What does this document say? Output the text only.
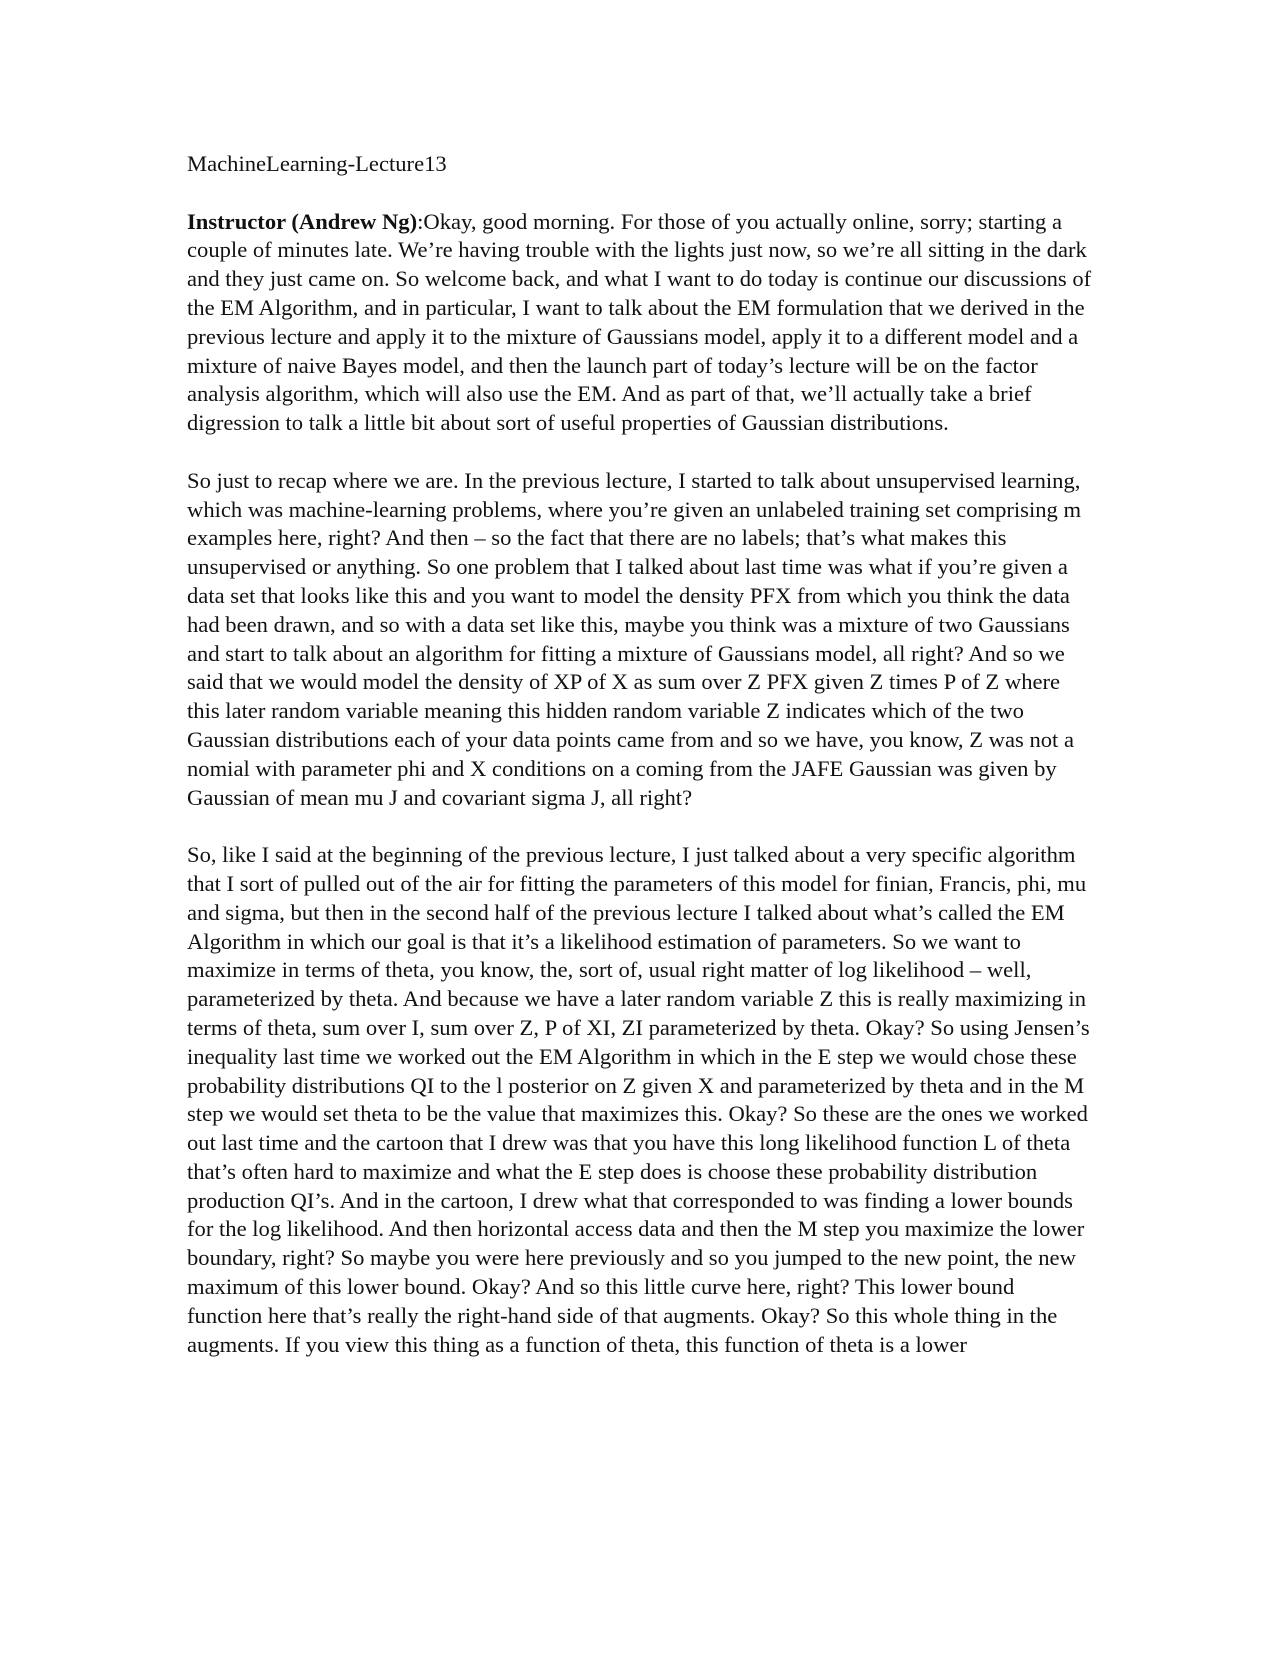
MachineLearning-Lecture13

Instructor (Andrew Ng):Okay, good morning. For those of you actually online, sorry; starting a couple of minutes late. We’re having trouble with the lights just now, so we’re all sitting in the dark and they just came on. So welcome back, and what I want to do today is continue our discussions of the EM Algorithm, and in particular, I want to talk about the EM formulation that we derived in the previous lecture and apply it to the mixture of Gaussians model, apply it to a different model and a mixture of naive Bayes model, and then the launch part of today’s lecture will be on the factor analysis algorithm, which will also use the EM. And as part of that, we’ll actually take a brief digression to talk a little bit about sort of useful properties of Gaussian distributions.

So just to recap where we are. In the previous lecture, I started to talk about unsupervised learning, which was machine-learning problems, where you’re given an unlabeled training set comprising m examples here, right? And then – so the fact that there are no labels; that’s what makes this unsupervised or anything. So one problem that I talked about last time was what if you’re given a data set that looks like this and you want to model the density PFX from which you think the data had been drawn, and so with a data set like this, maybe you think was a mixture of two Gaussians and start to talk about an algorithm for fitting a mixture of Gaussians model, all right? And so we said that we would model the density of XP of X as sum over Z PFX given Z times P of Z where this later random variable meaning this hidden random variable Z indicates which of the two Gaussian distributions each of your data points came from and so we have, you know, Z was not a nomial with parameter phi and X conditions on a coming from the JAFE Gaussian was given by Gaussian of mean mu J and covariant sigma J, all right?

So, like I said at the beginning of the previous lecture, I just talked about a very specific algorithm that I sort of pulled out of the air for fitting the parameters of this model for finian, Francis, phi, mu and sigma, but then in the second half of the previous lecture I talked about what’s called the EM Algorithm in which our goal is that it’s a likelihood estimation of parameters. So we want to maximize in terms of theta, you know, the, sort of, usual right matter of log likelihood – well, parameterized by theta. And because we have a later random variable Z this is really maximizing in terms of theta, sum over I, sum over Z, P of XI, ZI parameterized by theta. Okay? So using Jensen’s inequality last time we worked out the EM Algorithm in which in the E step we would chose these probability distributions QI to the l posterior on Z given X and parameterized by theta and in the M step we would set theta to be the value that maximizes this. Okay? So these are the ones we worked out last time and the cartoon that I drew was that you have this long likelihood function L of theta that’s often hard to maximize and what the E step does is choose these probability distribution production QI’s. And in the cartoon, I drew what that corresponded to was finding a lower bounds for the log likelihood. And then horizontal access data and then the M step you maximize the lower boundary, right? So maybe you were here previously and so you jumped to the new point, the new maximum of this lower bound. Okay? And so this little curve here, right? This lower bound function here that’s really the right-hand side of that augments. Okay? So this whole thing in the augments. If you view this thing as a function of theta, this function of theta is a lower
